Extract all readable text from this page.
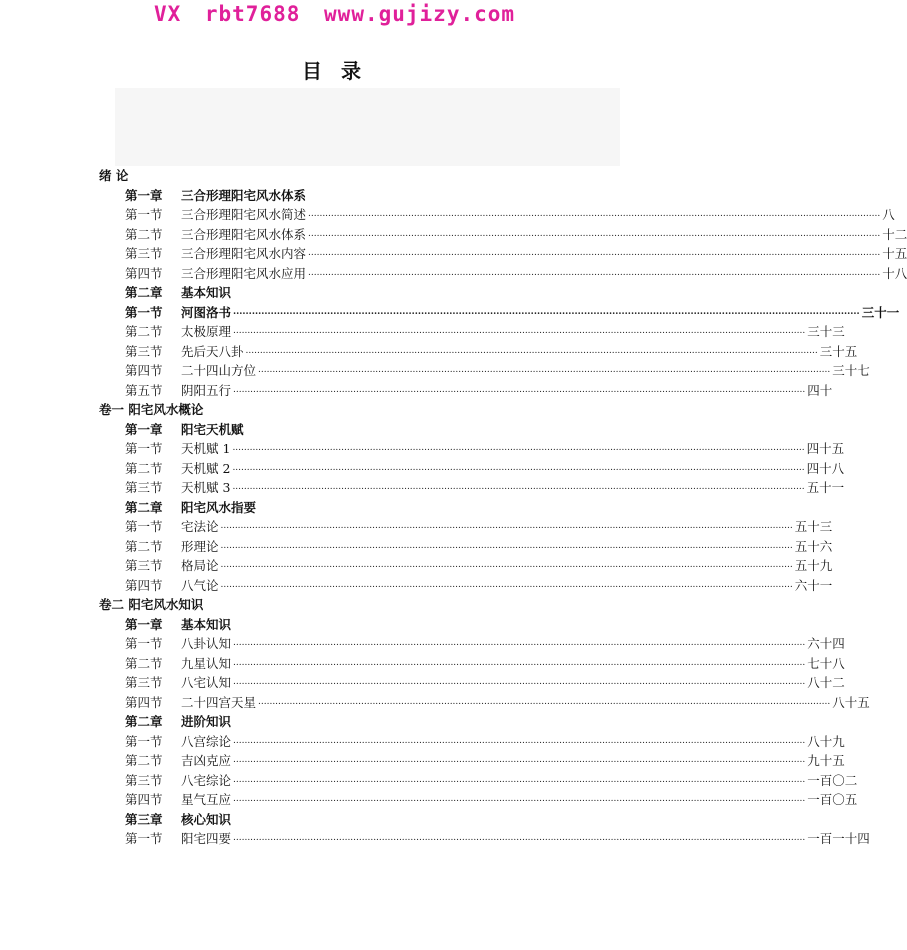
VX rbt7688 www.gujizy.com
目 录
绪 论
第一章 三合形理阳宅风水体系
第一节	三合形理阳宅风水简述 ........................................................................................................................................................................................................ 八
第二节	三合形理阳宅风水体系 ........................................................................................................................................................................................................ 十二
第三节	三合形理阳宅风水内容 ........................................................................................................................................................................................................ 十五
第四节	三合形理阳宅风水应用 ........................................................................................................................................................................................................ 十八
第二章 基本知识
第一节	河图洛书 ........................................................................................................................................................................................................ 三十一
第二节	太极原理 ........................................................................................................................................................................................................ 三十三
第三节	先后天八卦 ........................................................................................................................................................................................................ 三十五
第四节	二十四山方位 ........................................................................................................................................................................................................ 三十七
第五节	阴阳五行 ........................................................................................................................................................................................................ 四十
卷一 阳宅风水概论
第一章 阳宅天机赋
第一节	天机赋 1 ........................................................................................................................................................................................................ 四十五
第二节	天机赋 2 ........................................................................................................................................................................................................ 四十八
第三节	天机赋 3 ........................................................................................................................................................................................................ 五十一
第二章 阳宅风水指要
第一节	宅法论 ........................................................................................................................................................................................................ 五十三
第二节	形理论 ........................................................................................................................................................................................................ 五十六
第三节	格局论 ........................................................................................................................................................................................................ 五十九
第四节	八气论 ........................................................................................................................................................................................................ 六十一
卷二 阳宅风水知识
第一章 基本知识
第一节	八卦认知 ........................................................................................................................................................................................................ 六十四
第二节	九星认知 ........................................................................................................................................................................................................ 七十八
第三节	八宅认知 ........................................................................................................................................................................................................ 八十二
第四节	二十四宫天星 ........................................................................................................................................................................................................ 八十五
第二章 进阶知识
第一节	八宫综论 ........................................................................................................................................................................................................ 八十九
第二节	吉凶克应 ........................................................................................................................................................................................................ 九十五
第三节	八宅综论 ........................................................................................................................................................................................................ 一百〇二
第四节	星气互应 ........................................................................................................................................................................................................ 一百〇五
第三章 核心知识
第一节	阳宅四要 ........................................................................................................................................................................................................ 一百一十四
